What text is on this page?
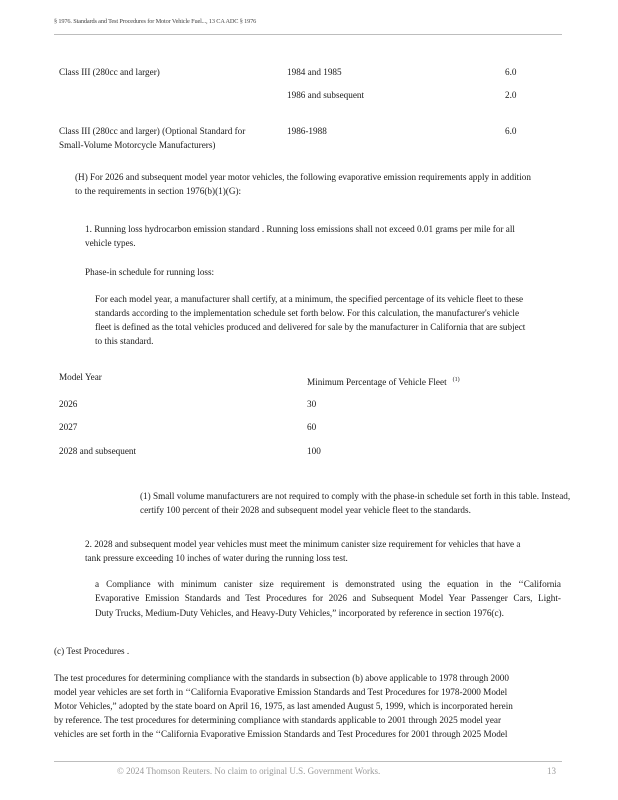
§ 1976. Standards and Test Procedures for Motor Vehicle Fuel..., 13 CA ADC § 1976
Class III (280cc and larger)	1984 and 1985	6.0
1986 and subsequent	2.0
Class III (280cc and larger) (Optional Standard for
Small-Volume Motorcycle Manufacturers)
1986-1988	6.0
(H) For 2026 and subsequent model year motor vehicles, the following evaporative emission requirements apply in addition
to the requirements in section 1976(b)(1)(G):
1. Running loss hydrocarbon emission standard . Running loss emissions shall not exceed 0.01 grams per mile for all
vehicle types.
Phase-in schedule for running loss:
For each model year, a manufacturer shall certify, at a minimum, the specified percentage of its vehicle fleet to these
standards according to the implementation schedule set forth below. For this calculation, the manufacturer's vehicle
fleet is defined as the total vehicles produced and delivered for sale by the manufacturer in California that are subject
to this standard.
Model Year	Minimum Percentage of Vehicle Fleet $^{(1)}$
2026	30
2027	60
2028 and subsequent	100
(1) Small volume manufacturers are not required to comply with the phase-in schedule set forth in this table. Instead,
certify 100 percent of their 2028 and subsequent model year vehicle fleet to the standards.
2. 2028 and subsequent model year vehicles must meet the minimum canister size requirement for vehicles that have a
tank pressure exceeding 10 inches of water during the running loss test.
a Compliance with minimum canister size requirement is demonstrated using the equation in the ‘‘California
Evaporative Emission Standards and Test Procedures for 2026 and Subsequent Model Year Passenger Cars, Light-
Duty Trucks, Medium-Duty Vehicles, and Heavy-Duty Vehicles,” incorporated by reference in section 1976(c).
(c) Test Procedures .
The test procedures for determining compliance with the standards in subsection (b) above applicable to 1978 through 2000
model year vehicles are set forth in ‘‘California Evaporative Emission Standards and Test Procedures for 1978-2000 Model
Motor Vehicles,” adopted by the state board on April 16, 1975, as last amended August 5, 1999, which is incorporated herein
by reference. The test procedures for determining compliance with standards applicable to 2001 through 2025 model year
vehicles are set forth in the ‘‘California Evaporative Emission Standards and Test Procedures for 2001 through 2025 Model
© 2024 Thomson Reuters. No claim to original U.S. Government Works.	13
